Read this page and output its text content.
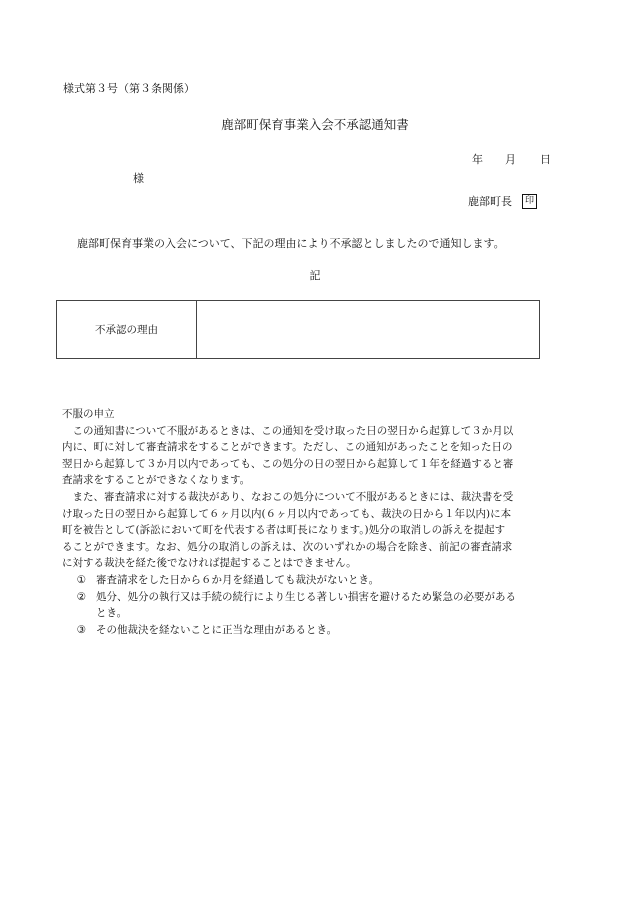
様式第３号（第３条関係）
鹿部町保育事業入会不承認通知書
年 月 日
様
鹿部町長	印
鹿部町保育事業の入会について、下記の理由により不承認としましたので通知します。
記
不承認の理由
不服の申立
　この通知書について不服があるときは、この通知を受け取った日の翌日から起算して３か月以
内に、町に対して審査請求をすることができます。ただし、この通知があったことを知った日の
翌日から起算して３か月以内であっても、この処分の日の翌日から起算して１年を経過すると審
査請求をすることができなくなります。
　また、審査請求に対する裁決があり、なおこの処分について不服があるときには、裁決書を受
け取った日の翌日から起算して６ヶ月以内(６ヶ月以内であっても、裁決の日から１年以内)に本
町を被告として(訴訟において町を代表する者は町長になります。)処分の取消しの訴えを提起す
ることができます。なお、処分の取消しの訴えは、次のいずれかの場合を除き、前記の審査請求
に対する裁決を経た後でなければ提起することはできません。
① 審査請求をした日から６か月を経過しても裁決がないとき。
② 処分、処分の執行又は手続の続行により生じる著しい損害を避けるため緊急の必要がある
とき。
③ その他裁決を経ないことに正当な理由があるとき。
